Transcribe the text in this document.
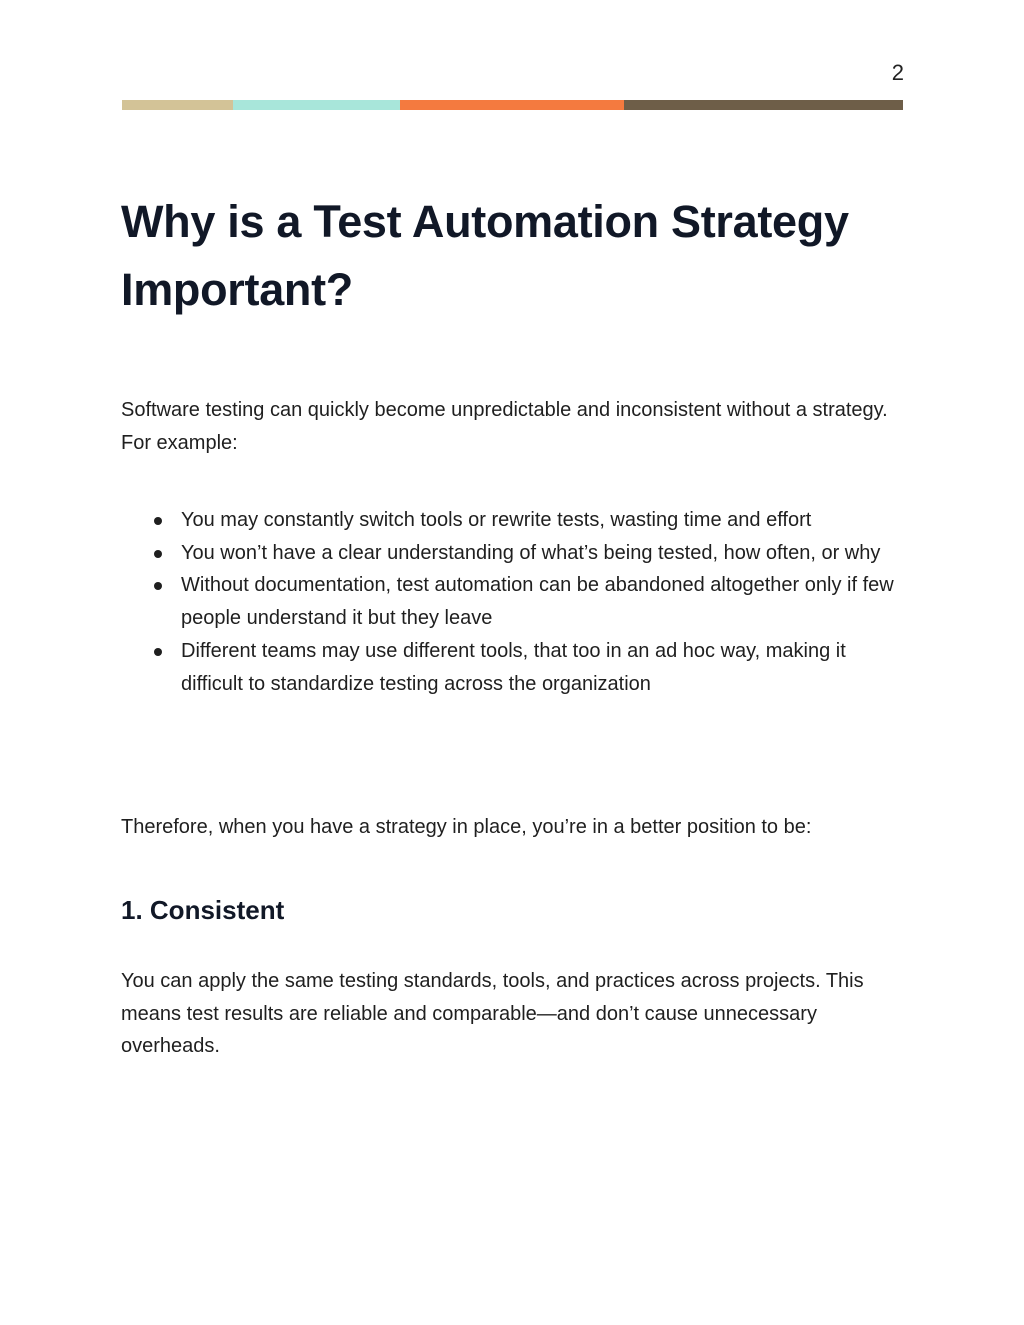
2
Why is a Test Automation Strategy Important?

Software testing can quickly become unpredictable and inconsistent without a strategy. For example:

You may constantly switch tools or rewrite tests, wasting time and effort
You won’t have a clear understanding of what’s being tested, how often, or why
Without documentation, test automation can be abandoned altogether only if few people understand it but they leave
Different teams may use different tools, that too in an ad hoc way, making it difficult to standardize testing across the organization

Therefore, when you have a strategy in place, you’re in a better position to be:

1. Consistent

You can apply the same testing standards, tools, and practices across projects. This means test results are reliable and comparable—and don’t cause unnecessary overheads.
